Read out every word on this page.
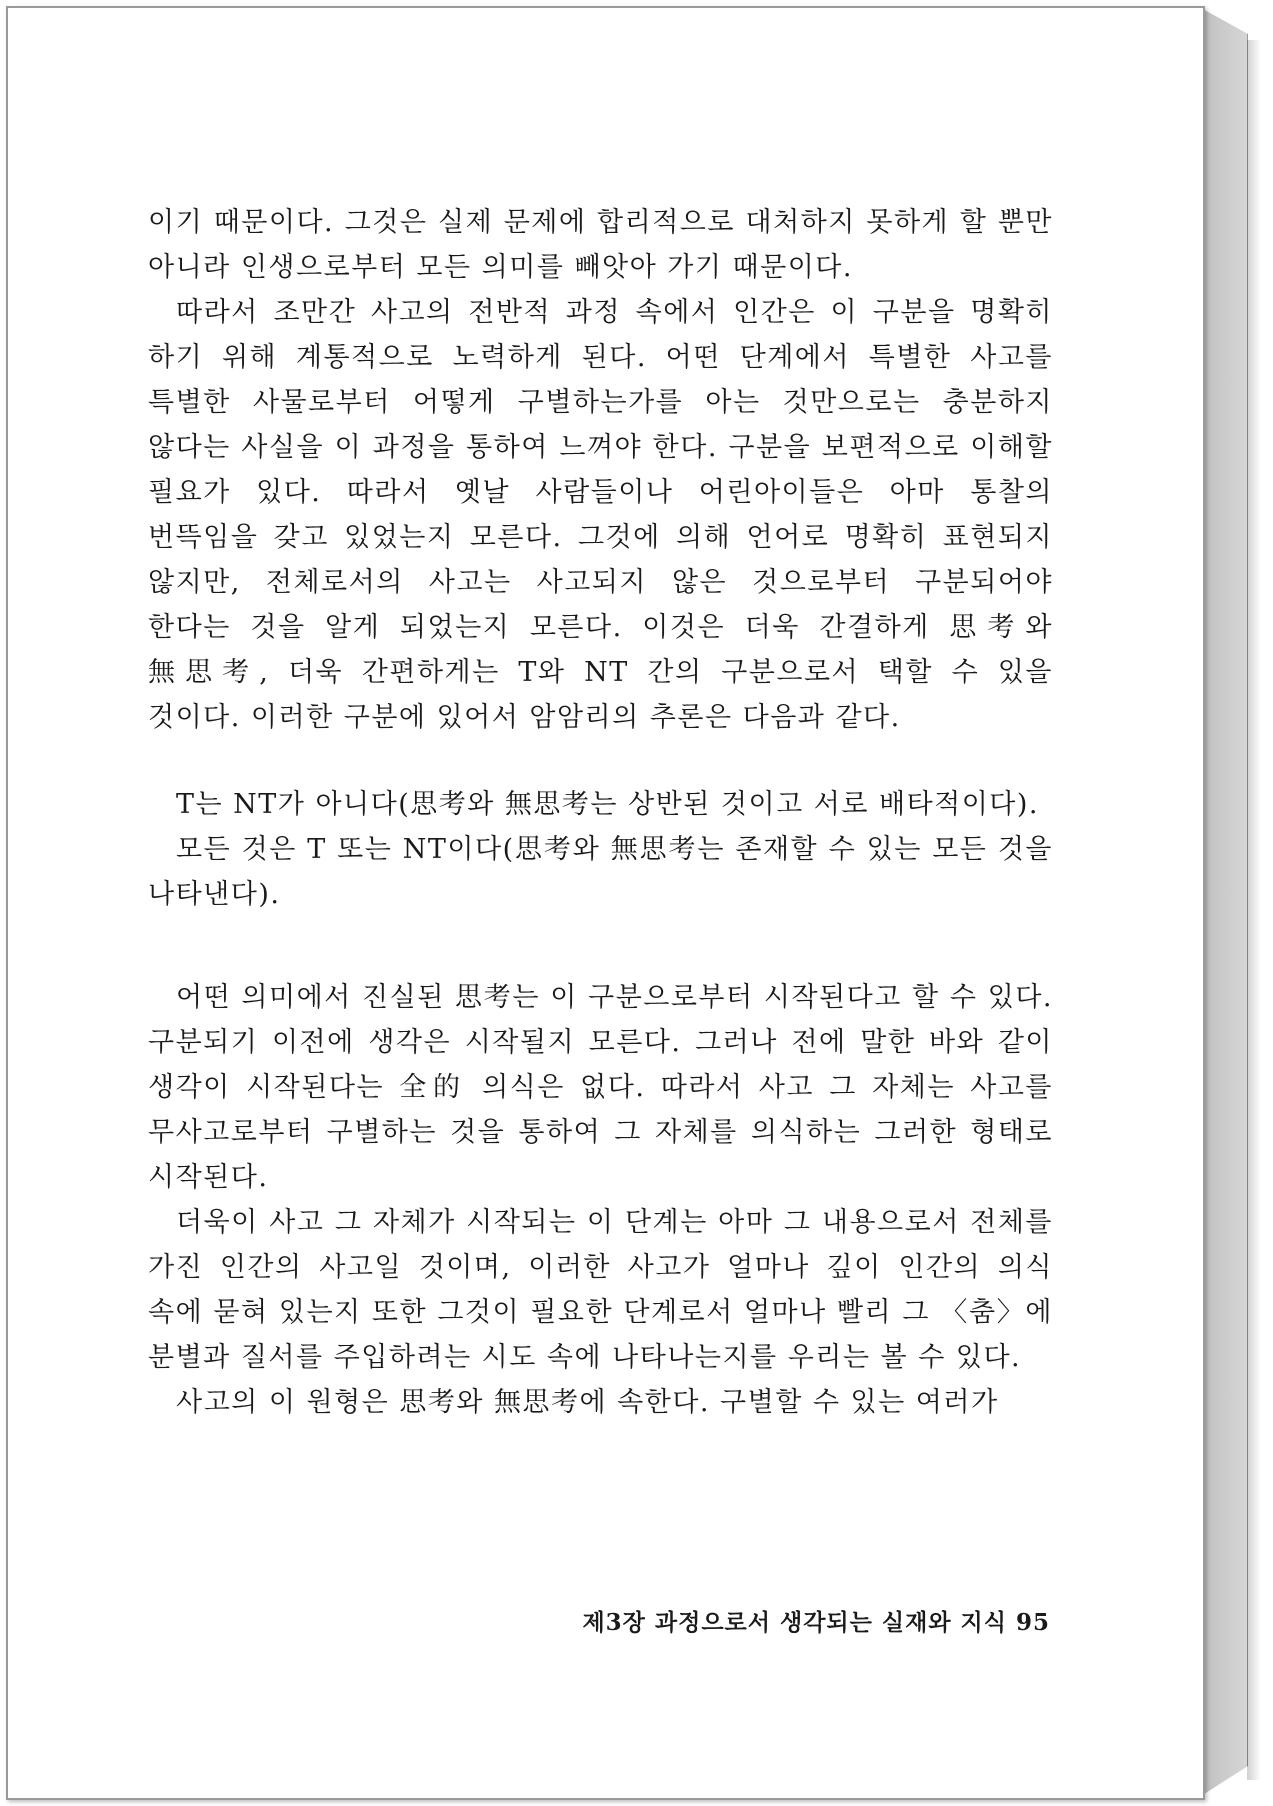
이기 때문이다. 그것은 실제 문제에 합리적으로 대처하지 못하게 할 뿐만 아니라 인생으로부터 모든 의미를 빼앗아 가기 때문이다.

따라서 조만간 사고의 전반적 과정 속에서 인간은 이 구분을 명확히 하기 위해 계통적으로 노력하게 된다. 어떤 단계에서 특별한 사고를 특별한 사물로부터 어떻게 구별하는가를 아는 것만으로는 충분하지 않다는 사실을 이 과정을 통하여 느껴야 한다. 구분을 보편적으로 이해할 필요가 있다. 따라서 옛날 사람들이나 어린아이들은 아마 통찰의 번뜩임을 갖고 있었는지 모른다. 그것에 의해 언어로 명확히 표현되지 않지만, 전체로서의 사고는 사고되지 않은 것으로부터 구분되어야 한다는 것을 알게 되었는지 모른다. 이것은 더욱 간결하게 思考와 無思考, 더욱 간편하게는 T와 NT 간의 구분으로서 택할 수 있을 것이다. 이러한 구분에 있어서 암암리의 추론은 다음과 같다.

T는 NT가 아니다(思考와 無思考는 상반된 것이고 서로 배타적이다).

모든 것은 T 또는 NT이다(思考와 無思考는 존재할 수 있는 모든 것을 나타낸다).

어떤 의미에서 진실된 思考는 이 구분으로부터 시작된다고 할 수 있다. 구분되기 이전에 생각은 시작될지 모른다. 그러나 전에 말한 바와 같이 생각이 시작된다는 全的 의식은 없다. 따라서 사고 그 자체는 사고를 무사고로부터 구별하는 것을 통하여 그 자체를 의식하는 그러한 형태로 시작된다.

더욱이 사고 그 자체가 시작되는 이 단계는 아마 그 내용으로서 전체를 가진 인간의 사고일 것이며, 이러한 사고가 얼마나 깊이 인간의 의식 속에 묻혀 있는지 또한 그것이 필요한 단계로서 얼마나 빨리 그 〈춤〉에 분별과 질서를 주입하려는 시도 속에 나타나는지를 우리는 볼 수 있다.

사고의 이 원형은 思考와 無思考에 속한다. 구별할 수 있는 여러가

제3장 과정으로서 생각되는 실재와 지식 95
